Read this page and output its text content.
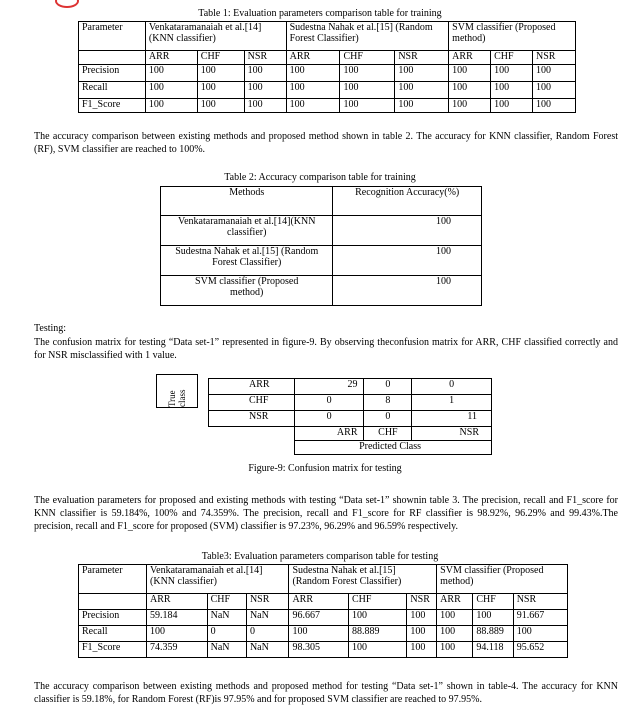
Table 1: Evaluation parameters comparison table for training
Parameter	Venkataramanaiah et al.[14] (KNN classifier)			Sudestna Nahak et al.[15] (Random Forest Classifier)			SVM classifier (Proposed method)		
	ARR	CHF	NSR	ARR	CHF	NSR	ARR	CHF	NSR
Precision	100	100	100	100	100	100	100	100	100
Recall	100	100	100	100	100	100	100	100	100
F1_Score	100	100	100	100	100	100	100	100	100
The accuracy comparison between existing methods and proposed method shown in table 2. The accuracy for KNN classifier, Random Forest (RF), SVM classifier are reached to 100%.
Table 2: Accuracy comparison table for training
Methods	Recognition Accuracy(%)
Venkataramanaiah et al.[14](KNN classifier)	100
Sudestna Nahak et al.[15] (Random Forest Classifier)	100
SVM classifier (Proposed method)	100
Testing:
The confusion matrix for testing “Data set-1” represented in figure-9. By observing theconfusion matrix for ARR, CHF classified correctly and for NSR misclassified with 1 value.
True class
ARR	29	0	0
CHF	0	8	1
NSR	0	0	11
	ARR	CHF	NSR
	Predicted Class		
Figure-9: Confusion matrix for testing
The evaluation parameters for proposed and existing methods with testing “Data set-1” shownin table 3. The precision, recall and F1_score for KNN classifier is 59.184%, 100% and 74.359%. The precision, recall and F1_score for RF classifier is 98.92%, 96.29% and 99.43%.The precision, recall and F1_score for proposed (SVM) classifier is 97.23%, 96.29% and 96.59% respectively.
Table3: Evaluation parameters comparison table for testing
Parameter	Venkataramanaiah et al.[14] (KNN classifier)			Sudestna Nahak et al.[15] (Random Forest Classifier)			SVM classifier (Proposed method)		
	ARR	CHF	NSR	ARR	CHF	NSR	ARR	CHF	NSR
Precision	59.184	NaN	NaN	96.667	100	100	100	100	91.667
Recall	100	0	0	100	88.889	100	100	88.889	100
F1_Score	74.359	NaN	NaN	98.305	100	100	100	94.118	95.652
The accuracy comparison between existing methods and proposed method for testing “Data set-1” shown in table-4. The accuracy for KNN classifier is 59.18%, for Random Forest (RF)is 97.95% and for proposed SVM classifier are reached to 97.95%.
